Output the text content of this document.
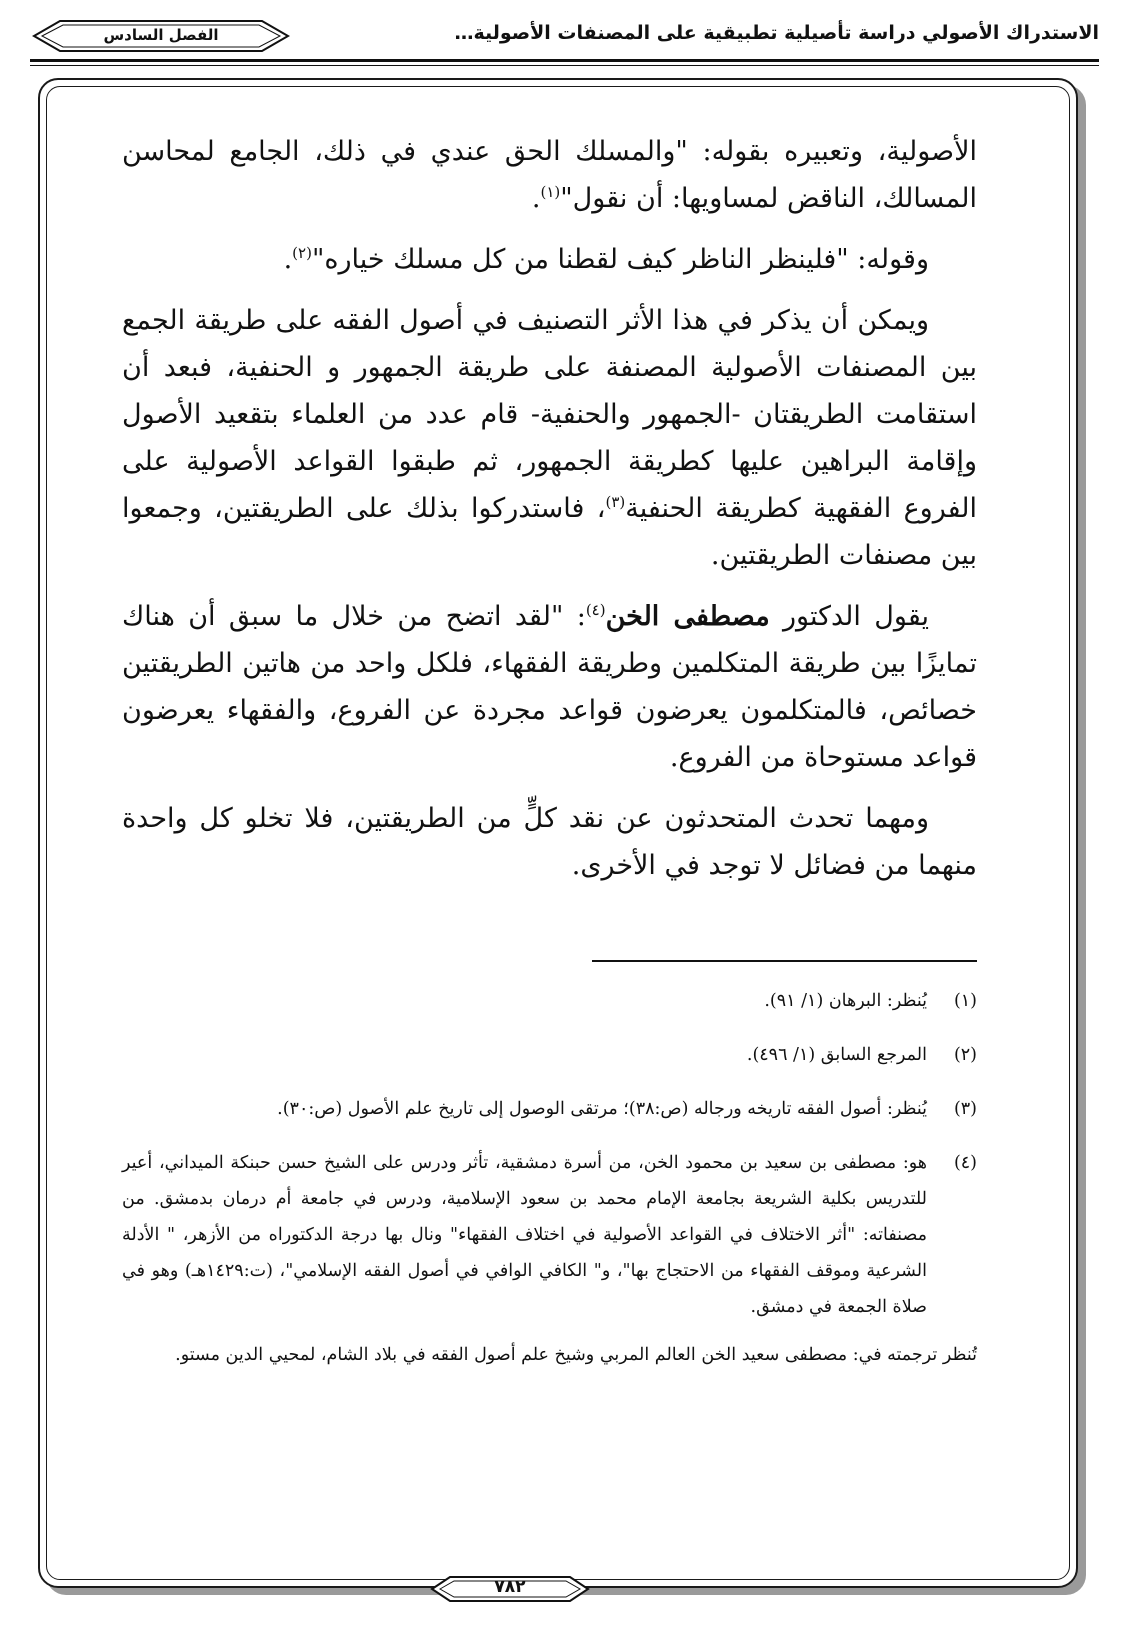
الاستدراك الأصولي دراسة تأصيلية تطبيقية على المصنفات الأصولية…
الفصل السادس

الأصولية، وتعبيره بقوله: "والمسلك الحق عندي في ذلك، الجامع لمحاسن المسالك، الناقض لمساويها: أن نقول"$^{(١)}$.

وقوله: "فلينظر الناظر كيف لقطنا من كل مسلك خياره"$^{(٢)}$.

ويمكن أن يذكر في هذا الأثر التصنيف في أصول الفقه على طريقة الجمع بين المصنفات الأصولية المصنفة على طريقة الجمهور و الحنفية، فبعد أن استقامت الطريقتان -الجمهور والحنفية- قام عدد من العلماء بتقعيد الأصول وإقامة البراهين عليها كطريقة الجمهور، ثم طبقوا القواعد الأصولية على الفروع الفقهية كطريقة الحنفية$^{(٣)}$، فاستدركوا بذلك على الطريقتين، وجمعوا بين مصنفات الطريقتين.

يقول الدكتور مصطفى الخن$^{(٤)}$: "لقد اتضح من خلال ما سبق أن هناك تمايزًا بين طريقة المتكلمين وطريقة الفقهاء، فلكل واحد من هاتين الطريقتين خصائص، فالمتكلمون يعرضون قواعد مجردة عن الفروع، والفقهاء يعرضون قواعد مستوحاة من الفروع.

ومهما تحدث المتحدثون عن نقد كلٍّ من الطريقتين، فلا تخلو كل واحدة منهما من فضائل لا توجد في الأخرى.

(١)
يُنظر: البرهان (١/ ٩١).
(٢)
المرجع السابق (١/ ٤٩٦).
(٣)
يُنظر: أصول الفقه تاريخه ورجاله (ص:٣٨)؛ مرتقى الوصول إلى تاريخ علم الأصول (ص:٣٠).
(٤)
هو: مصطفى بن سعيد بن محمود الخن، من أسرة دمشقية، تأثر ودرس على الشيخ حسن حبنكة الميداني، أعير للتدريس بكلية الشريعة بجامعة الإمام محمد بن سعود الإسلامية، ودرس في جامعة أم درمان بدمشق. من مصنفاته: "أثر الاختلاف في القواعد الأصولية في اختلاف الفقهاء" ونال بها درجة الدكتوراه من الأزهر، " الأدلة الشرعية وموقف الفقهاء من الاحتجاج بها"، و" الكافي الوافي في أصول الفقه الإسلامي"، (ت:١٤٢٩هـ) وهو في صلاة الجمعة في دمشق.

تُنظر ترجمته في: مصطفى سعيد الخن العالم المربي وشيخ علم أصول الفقه في بلاد الشام، لمحيي الدين مستو.

٧٨٢
